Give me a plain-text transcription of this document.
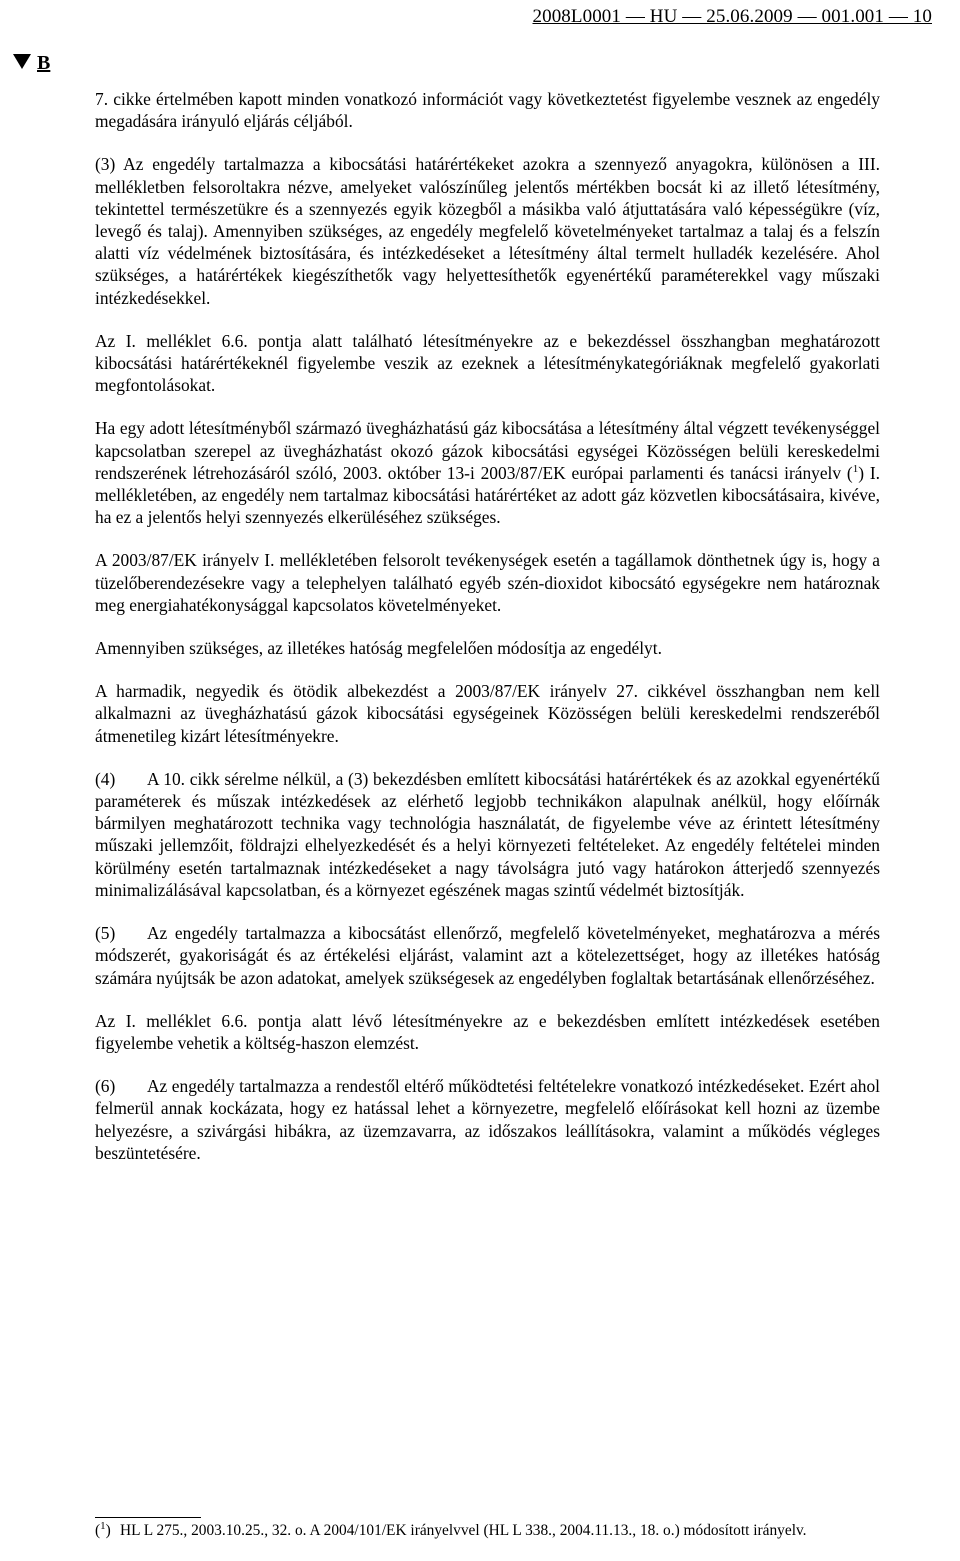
2008L0001 — HU — 25.06.2009 — 001.001 — 10
B

7. cikke értelmében kapott minden vonatkozó információt vagy következtetést figyelembe vesznek az engedély megadására irányuló eljárás céljából.

(3) Az engedély tartalmazza a kibocsátási határértékeket azokra a szennyező anyagokra, különösen a III. mellékletben felsoroltakra nézve, amelyeket valószínűleg jelentős mértékben bocsát ki az illető létesítmény, tekintettel természetükre és a szennyezés egyik közegből a másikba való átjuttatására való képességükre (víz, levegő és talaj). Amennyiben szükséges, az engedély megfelelő követelményeket tartalmaz a talaj és a felszín alatti víz védelmének biztosítására, és intézkedéseket a létesítmény által termelt hulladék kezelésére. Ahol szükséges, a határértékek kiegészíthetők vagy helyettesíthetők egyenértékű paraméterekkel vagy műszaki intézkedésekkel.

Az I. melléklet 6.6. pontja alatt található létesítményekre az e bekezdéssel összhangban meghatározott kibocsátási határértékeknél figyelembe veszik az ezeknek a létesítménykategóriáknak megfelelő gyakorlati megfontolásokat.

Ha egy adott létesítményből származó üvegházhatású gáz kibocsátása a létesítmény által végzett tevékenységgel kapcsolatban szerepel az üvegházhatást okozó gázok kibocsátási egységei Közösségen belüli kereskedelmi rendszerének létrehozásáról szóló, 2003. október 13-i 2003/87/EK európai parlamenti és tanácsi irányelv ($^1$) I. mellékletében, az engedély nem tartalmaz kibocsátási határértéket az adott gáz közvetlen kibocsátásaira, kivéve, ha ez a jelentős helyi szennyezés elkerüléséhez szükséges.

A 2003/87/EK irányelv I. mellékletében felsorolt tevékenységek esetén a tagállamok dönthetnek úgy is, hogy a tüzelőberendezésekre vagy a telephelyen található egyéb szén-dioxidot kibocsátó egységekre nem határoznak meg energiahatékonysággal kapcsolatos követelményeket.

Amennyiben szükséges, az illetékes hatóság megfelelően módosítja az engedélyt.

A harmadik, negyedik és ötödik albekezdést a 2003/87/EK irányelv 27. cikkével összhangban nem kell alkalmazni az üvegházhatású gázok kibocsátási egységeinek Közösségen belüli kereskedelmi rendszeréből átmenetileg kizárt létesítményekre.

(4) A 10. cikk sérelme nélkül, a (3) bekezdésben említett kibocsátási határértékek és az azokkal egyenértékű paraméterek és műszak intézkedések az elérhető legjobb technikákon alapulnak anélkül, hogy előírnák bármilyen meghatározott technika vagy technológia használatát, de figyelembe véve az érintett létesítmény műszaki jellemzőit, földrajzi elhelyezkedését és a helyi környezeti feltételeket. Az engedély feltételei minden körülmény esetén tartalmaznak intézkedéseket a nagy távolságra jutó vagy határokon átterjedő szennyezés minimalizálásával kapcsolatban, és a környezet egészének magas szintű védelmét biztosítják.

(5) Az engedély tartalmazza a kibocsátást ellenőrző, megfelelő követelményeket, meghatározva a mérés módszerét, gyakoriságát és az értékelési eljárást, valamint azt a kötelezettséget, hogy az illetékes hatóság számára nyújtsák be azon adatokat, amelyek szükségesek az engedélyben foglaltak betartásának ellenőrzéséhez.

Az I. melléklet 6.6. pontja alatt lévő létesítményekre az e bekezdésben említett intézkedések esetében figyelembe vehetik a költség-haszon elemzést.

(6) Az engedély tartalmazza a rendestől eltérő működtetési feltételekre vonatkozó intézkedéseket. Ezért ahol felmerül annak kockázata, hogy ez hatással lehet a környezetre, megfelelő előírásokat kell hozni az üzembe helyezésre, a szivárgási hibákra, az üzemzavarra, az időszakos leállításokra, valamint a működés végleges beszüntetésére.

($^1$) HL L 275., 2003.10.25., 32. o. A 2004/101/EK irányelvvel (HL L 338., 2004.11.13., 18. o.) módosított irányelv.
